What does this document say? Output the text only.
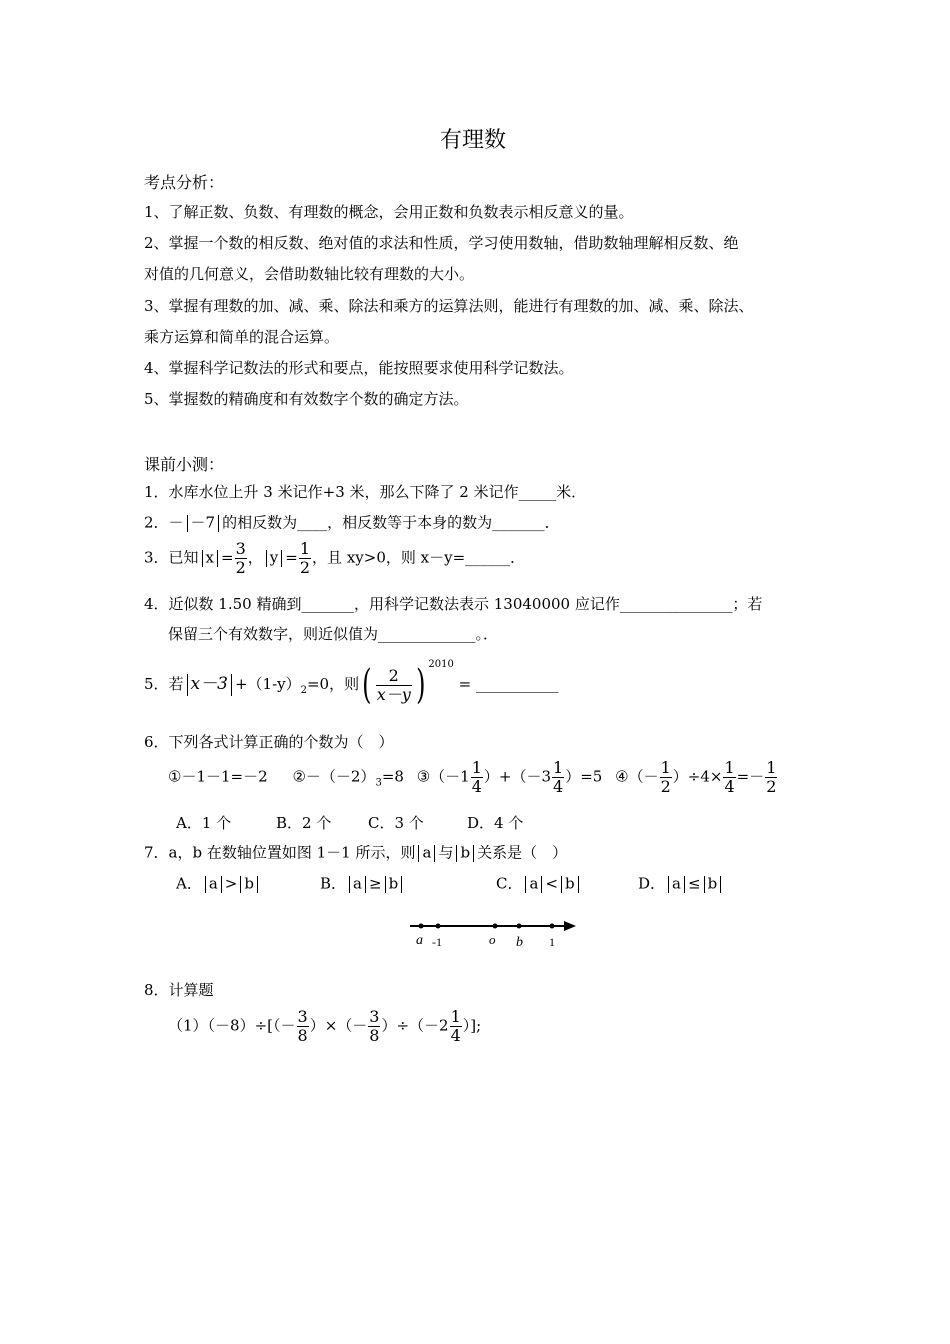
有理数
考点分析：
1、了解正数、负数、有理数的概念，会用正数和负数表示相反意义的量。
2、掌握一个数的相反数、绝对值的求法和性质，学习使用数轴，借助数轴理解相反数、绝
对值的几何意义，会借助数轴比较有理数的大小。
3、掌握有理数的加、减、乘、除法和乘方的运算法则，能进行有理数的加、减、乘、除法、
乘方运算和简单的混合运算。
4、掌握科学记数法的形式和要点，能按照要求使用科学记数法。
5、掌握数的精确度和有效数字个数的确定方法。
课前小测：
1．水库水位上升 3 米记作+3 米，那么下降了 2 米记作_____米．
2．－ －7 的相反数为____，相反数等于本身的数为_______．
3．已知 $x = \frac{3}{2}$ ， $y = \frac{1}{2}$ ，且 xy>0，则 x－y=______．
4．近似数 1.50 精确到_______，用科学记数法表示 13040000 应记作_______________；若
保留三个有效数字，则近似值为_____________。．
5．若 $x-3 +(1-y)_2=0$，则( $\frac{2}{x-y}$ ) $^{2010}$ = ___________
6．下列各式计算正确的个数为（　）
①－1－1=－2 $②-(-2)_3=8$ ③（－1 $\frac{1}{4} )+(-3 \frac{1}{4} )=5$ ④（－ $\frac{1}{2} )\div 4\times \frac{1}{4} =- \frac{1}{2}$
A．1 个	B．2 个 C．3 个	D．4 个
7．a，b 在数轴位置如图 1－1 所示，则 a 与 b 关系是（　）
A． a > b	B． a ≥ b	C． a < b	D． a ≤ b
a -1	o b 1
8．计算题
$(1)(-8)\div[(- \frac{3}{8}$ ）×（－ $\frac{3}{8} )\div(-2 \frac{1}{4}$ ）];
